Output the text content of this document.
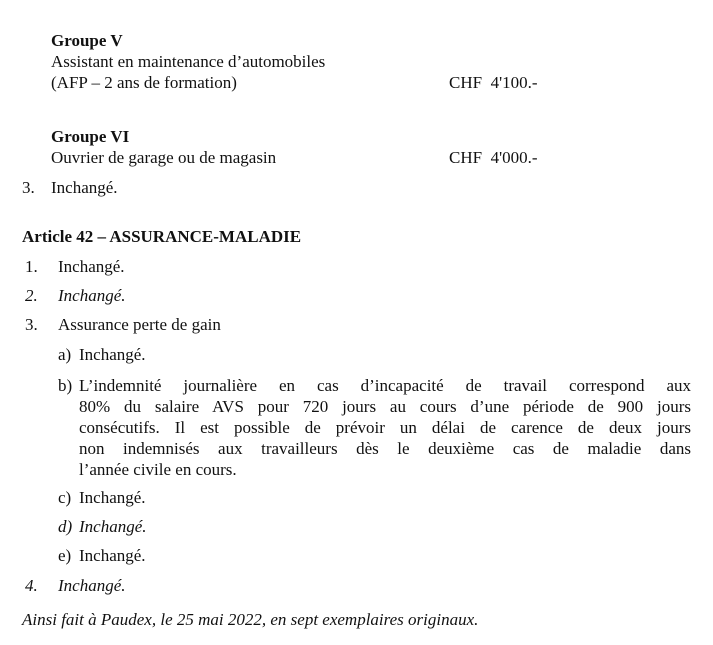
Groupe V
Assistant en maintenance d’automobiles
(AFP – 2 ans de formation)	CHF  4'100.-
Groupe VI
Ouvrier de garage ou de magasin	CHF  4'000.-
3. Inchangé.
Article 42 – ASSURANCE-MALADIE
1. Inchangé.
2. Inchangé.
3. Assurance perte de gain
a) Inchangé.
b) L’indemnité journalière en cas d’incapacité de travail correspond aux
80% du salaire AVS pour 720 jours au cours d’une période de 900 jours
consécutifs. Il est possible de prévoir un délai de carence de deux jours
non indemnisés aux travailleurs dès le deuxième cas de maladie dans
l’année civile en cours.
c) Inchangé.
d) Inchangé.
e) Inchangé.
4. Inchangé.
Ainsi fait à Paudex, le 25 mai 2022, en sept exemplaires originaux.
